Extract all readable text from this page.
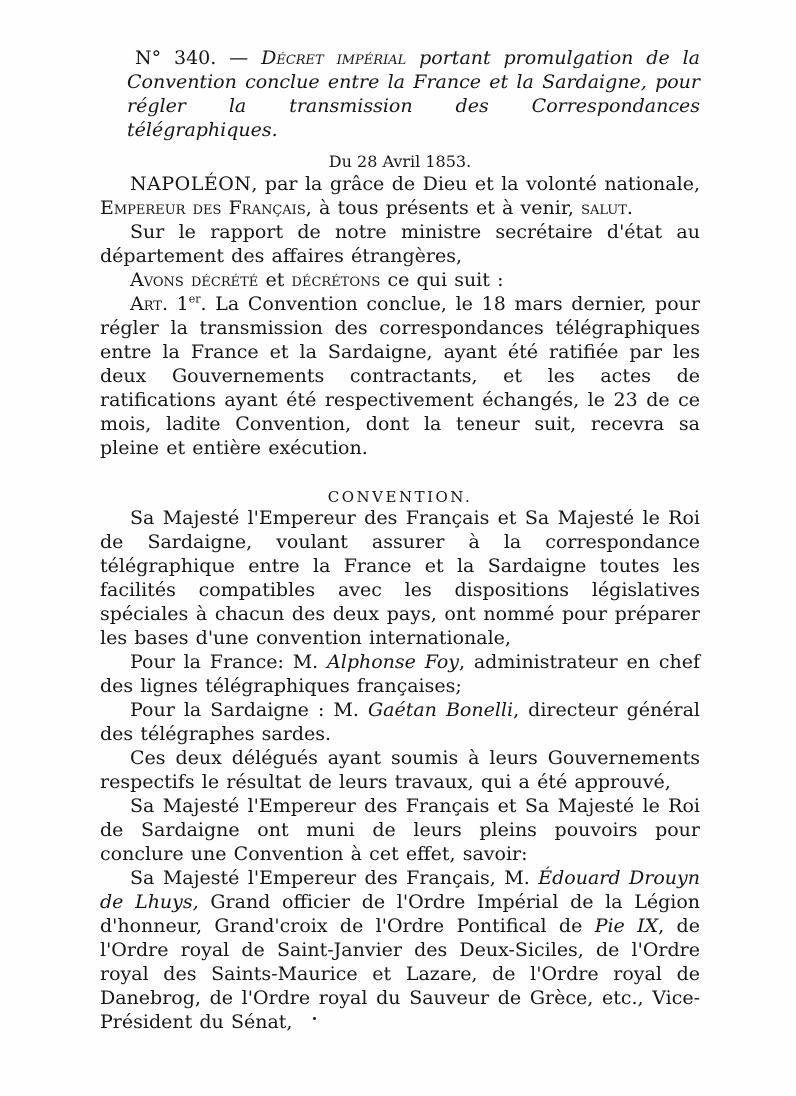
N° 340. — Décret impérial portant promulgation de la Convention conclue entre la France et la Sardaigne, pour régler la transmission des Correspondances télégraphiques.

Du 28 Avril 1853.

NAPOLÉON, par la grâce de Dieu et la volonté nationale, Empereur des Français, à tous présents et à venir, salut.

Sur le rapport de notre ministre secrétaire d'état au département des affaires étrangères,

Avons décrété et décrétons ce qui suit :

Art. 1er. La Convention conclue, le 18 mars dernier, pour régler la transmission des correspondances télégraphiques entre la France et la Sardaigne, ayant été ratifiée par les deux Gouvernements contractants, et les actes de ratifications ayant été respectivement échangés, le 23 de ce mois, ladite Convention, dont la teneur suit, recevra sa pleine et entière exécution.

CONVENTION.

Sa Majesté l'Empereur des Français et Sa Majesté le Roi de Sardaigne, voulant assurer à la correspondance télégraphique entre la France et la Sardaigne toutes les facilités compatibles avec les dispositions législatives spéciales à chacun des deux pays, ont nommé pour préparer les bases d'une convention internationale,

Pour la France: M. Alphonse Foy, administrateur en chef des lignes télégraphiques françaises;

Pour la Sardaigne : M. Gaétan Bonelli, directeur général des télégraphes sardes.

Ces deux délégués ayant soumis à leurs Gouvernements respectifs le résultat de leurs travaux, qui a été approuvé,

Sa Majesté l'Empereur des Français et Sa Majesté le Roi de Sardaigne ont muni de leurs pleins pouvoirs pour conclure une Convention à cet effet, savoir:

Sa Majesté l'Empereur des Français, M. Édouard Drouyn de Lhuys, Grand officier de l'Ordre Impérial de la Légion d'honneur, Grand'croix de l'Ordre Pontifical de Pie IX, de l'Ordre royal de Saint-Janvier des Deux-Siciles, de l'Ordre royal des Saints-Maurice et Lazare, de l'Ordre royal de Danebrog, de l'Ordre royal du Sauveur de Grèce, etc., Vice-Président du Sénat,
